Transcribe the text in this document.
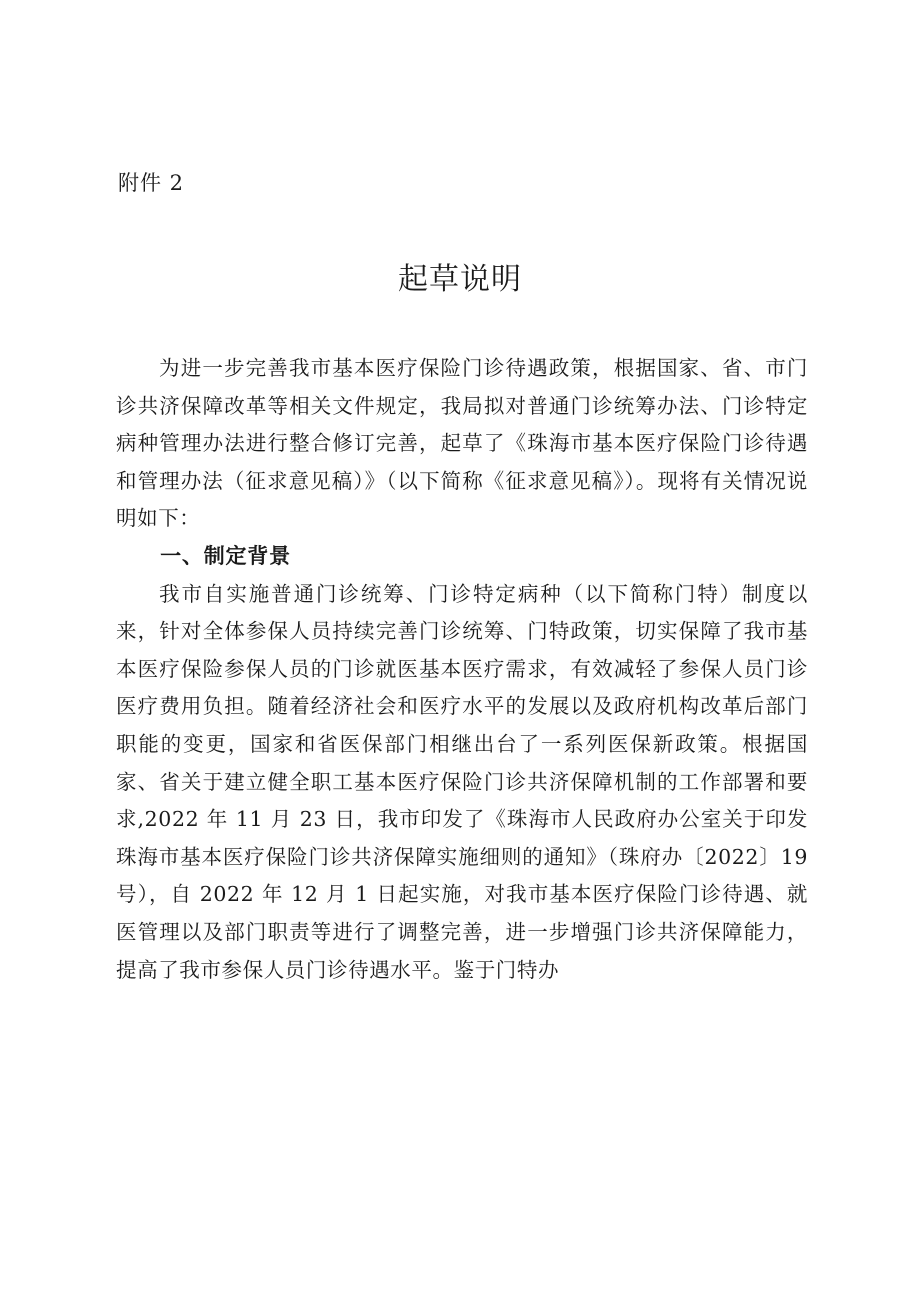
附件 2
起草说明

为进一步完善我市基本医疗保险门诊待遇政策，根据国家、省、市门诊共济保障改革等相关文件规定，我局拟对普通门诊统筹办法、门诊特定病种管理办法进行整合修订完善，起草了《珠海市基本医疗保险门诊待遇和管理办法（征求意见稿）》（以下简称《征求意见稿》）。现将有关情况说明如下：

一、制定背景

我市自实施普通门诊统筹、门诊特定病种（以下简称门特）制度以来，针对全体参保人员持续完善门诊统筹、门特政策，切实保障了我市基本医疗保险参保人员的门诊就医基本医疗需求，有效减轻了参保人员门诊医疗费用负担。随着经济社会和医疗水平的发展以及政府机构改革后部门职能的变更，国家和省医保部门相继出台了一系列医保新政策。根据国家、省关于建立健全职工基本医疗保险门诊共济保障机制的工作部署和要求,2022 年 11 月 23 日，我市印发了《珠海市人民政府办公室关于印发珠海市基本医疗保险门诊共济保障实施细则的通知》（珠府办〔2022〕19 号），自 2022 年 12 月 1 日起实施，对我市基本医疗保险门诊待遇、就医管理以及部门职责等进行了调整完善，进一步增强门诊共济保障能力，提高了我市参保人员门诊待遇水平。鉴于门特办
